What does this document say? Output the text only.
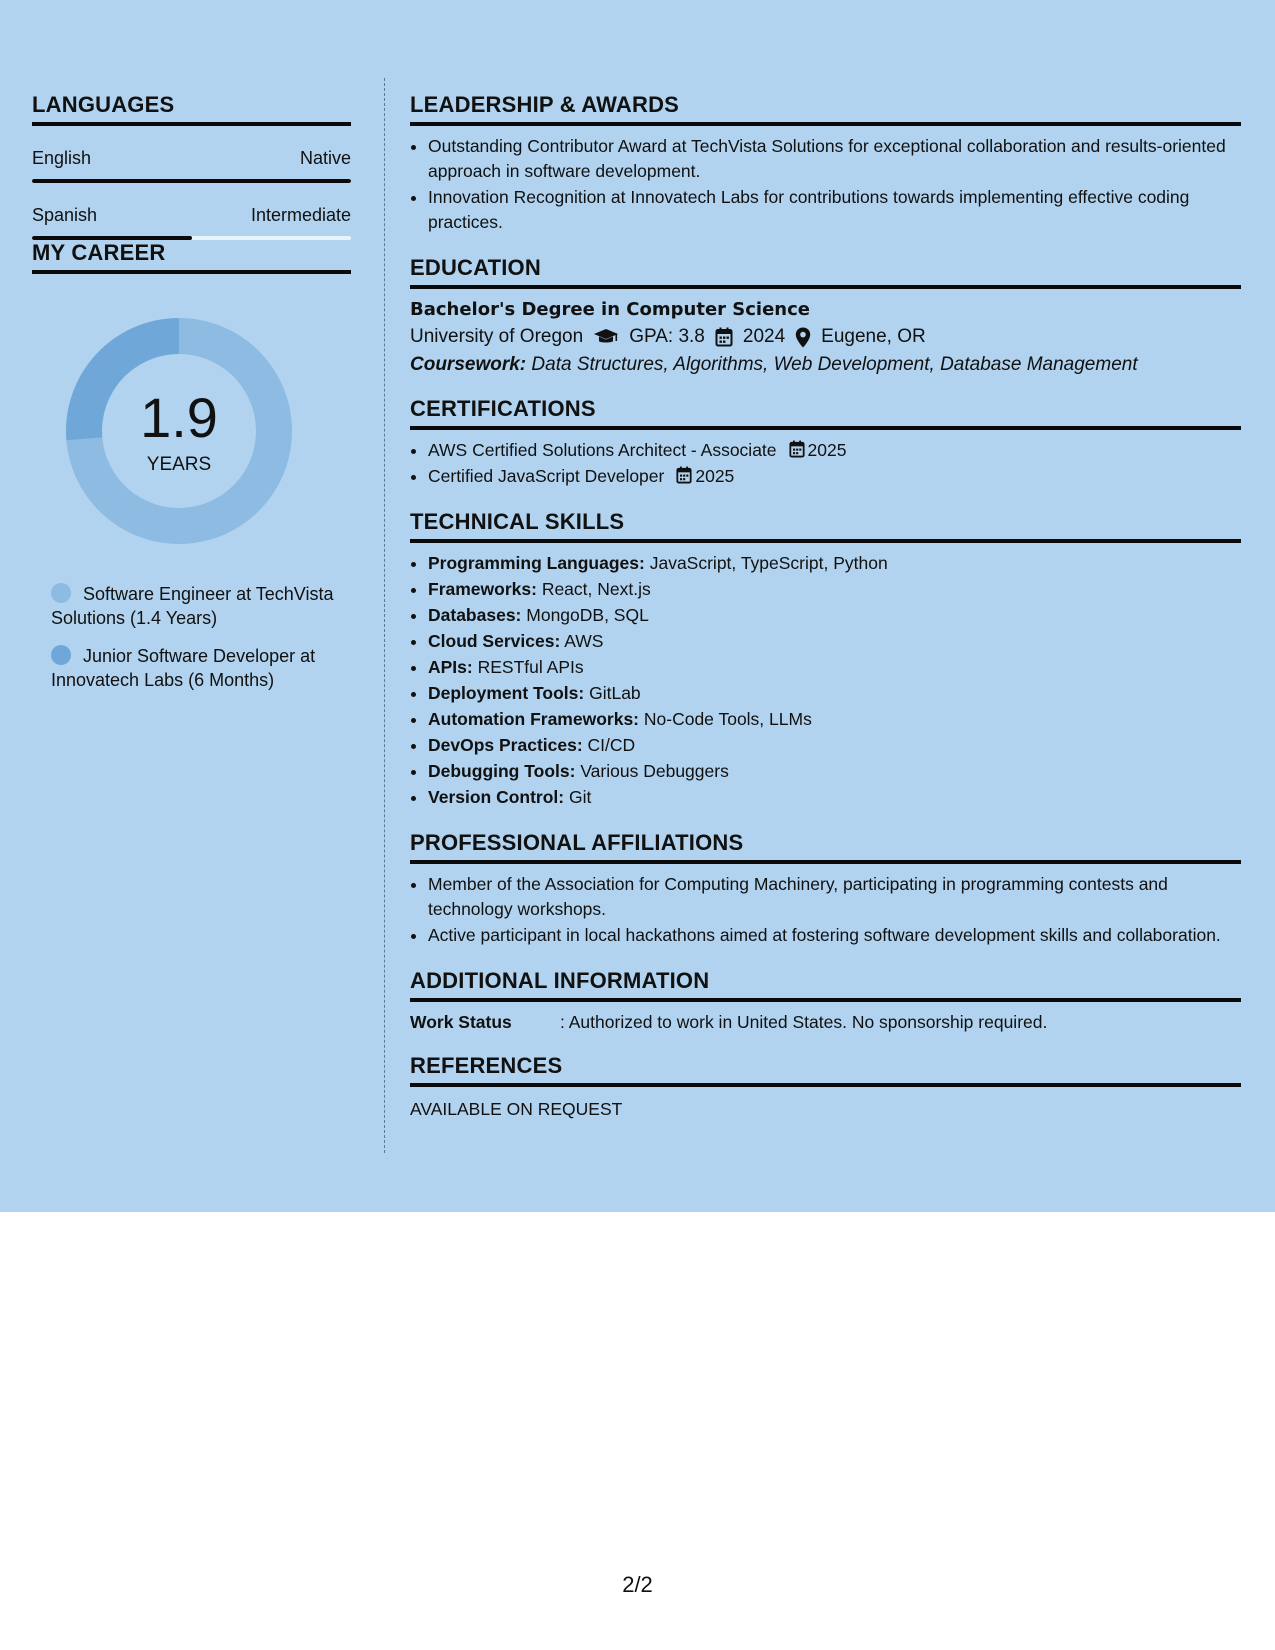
LANGUAGES
English	Native
Spanish	Intermediate
MY CAREER
1.9
YEARS
Software Engineer at TechVista Solutions (1.4 Years)
Junior Software Developer at Innovatech Labs (6 Months)
LEADERSHIP & AWARDS
• Outstanding Contributor Award at TechVista Solutions for exceptional collaboration and results-oriented approach in software development.
• Innovation Recognition at Innovatech Labs for contributions towards implementing effective coding practices.
EDUCATION
Bachelor's Degree in Computer Science
University of Oregon GPA: 3.8 2024 Eugene, OR
Coursework: Data Structures, Algorithms, Web Development, Database Management
CERTIFICATIONS
• AWS Certified Solutions Architect - Associate 2025
• Certified JavaScript Developer 2025
TECHNICAL SKILLS
• Programming Languages: JavaScript, TypeScript, Python
• Frameworks: React, Next.js
• Databases: MongoDB, SQL
• Cloud Services: AWS
• APIs: RESTful APIs
• Deployment Tools: GitLab
• Automation Frameworks: No-Code Tools, LLMs
• DevOps Practices: CI/CD
• Debugging Tools: Various Debuggers
• Version Control: Git
PROFESSIONAL AFFILIATIONS
• Member of the Association for Computing Machinery, participating in programming contests and technology workshops.
• Active participant in local hackathons aimed at fostering software development skills and collaboration.
ADDITIONAL INFORMATION
Work Status	: Authorized to work in United States. No sponsorship required.
REFERENCES
AVAILABLE ON REQUEST
2/2
